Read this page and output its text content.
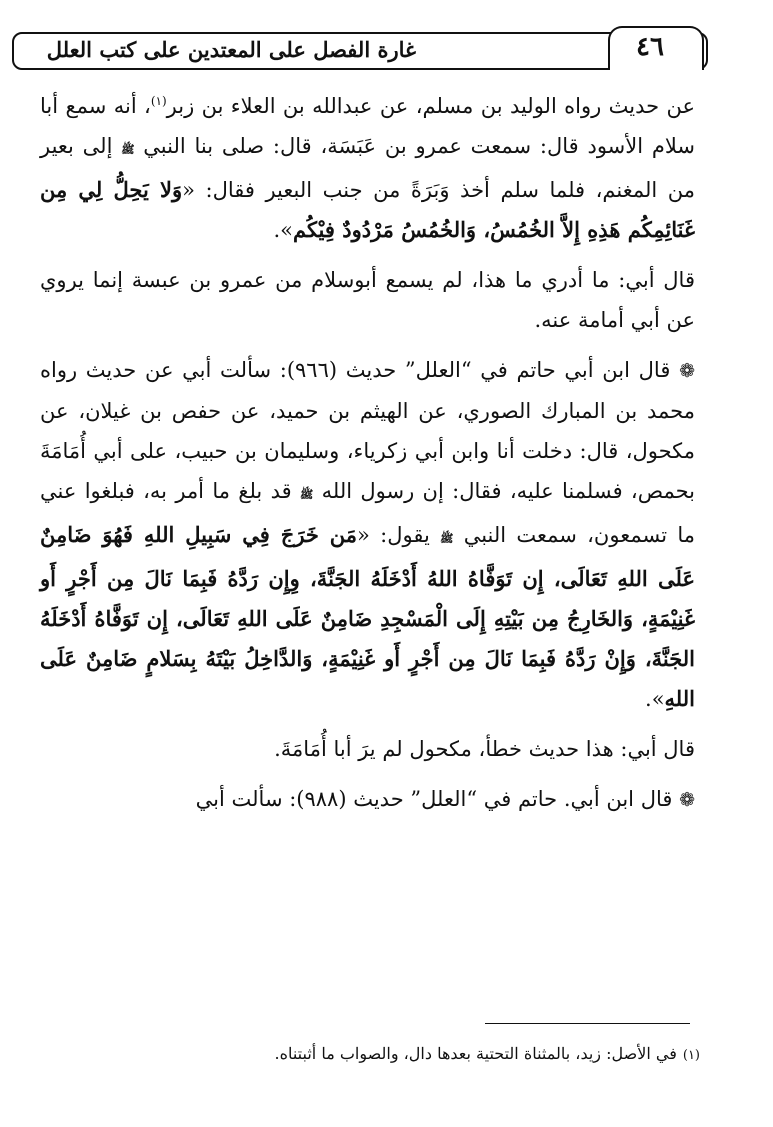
غارة الفصل على المعتدين على كتب العلل	٤٦

عن حديث رواه الوليد بن مسلم، عن عبدالله بن العلاء بن زبر$^{(١)}$، أنه سمع أبا سلام الأسود قال: سمعت عمرو بن عَبَسَة، قال: صلى بنا النبي ﷺ إلى بعير من المغنم، فلما سلم أخذ وَبَرَةً من جنب البعير فقال: «وَلا يَحِلُّ لِي مِن غَنَائِمِكُم هَذِهِ إِلاَّ الخُمُسُ، وَالخُمُسُ مَرْدُودٌ فِيْكُم».

قال أبي: ما أدري ما هذا، لم يسمع أبوسلام من عمرو بن عبسة إنما يروي عن أبي أمامة عنه.

❁ قال ابن أبي حاتم في “العلل” حديث (٩٦٦): سألت أبي عن حديث رواه محمد بن المبارك الصوري، عن الهيثم بن حميد، عن حفص بن غيلان، عن مكحول، قال: دخلت أنا وابن أبي زكرياء، وسليمان بن حبيب، على أبي أُمَامَةَ بحمص، فسلمنا عليه، فقال: إن رسول الله ﷺ قد بلغ ما أمر به، فبلغوا عني ما تسمعون، سمعت النبي ﷺ يقول: «مَن خَرَجَ فِي سَبِيلِ اللهِ فَهُوَ ضَامِنٌ عَلَى اللهِ تَعَالَى، إِن تَوَفَّاهُ اللهُ أَدْخَلَهُ الجَنَّةَ، وِإِن رَدَّهُ فَبِمَا نَالَ مِن أَجْرٍ أَو غَنِيْمَةٍ، وَالخَارِجُ مِن بَيْتِهِ إِلَى الْمَسْجِدِ ضَامِنٌ عَلَى اللهِ تَعَالَى، إِن تَوَفَّاهُ أَدْخَلَهُ الجَنَّةَ، وَإِنْ رَدَّهُ فَبِمَا نَالَ مِن أَجْرٍ أَو غَنِيْمَةٍ، وَالدَّاخِلُ بَيْتَهُ بِسَلامٍ ضَامِنٌ عَلَى اللهِ».

قال أبي: هذا حديث خطأ، مكحول لم يرَ أبا أُمَامَةَ.

❁ قال ابن أبي. حاتم في “العلل” حديث (٩٨٨): سألت أبي

(١)في الأصل: زيد، بالمثناة التحتية بعدها دال، والصواب ما أثبتناه.
